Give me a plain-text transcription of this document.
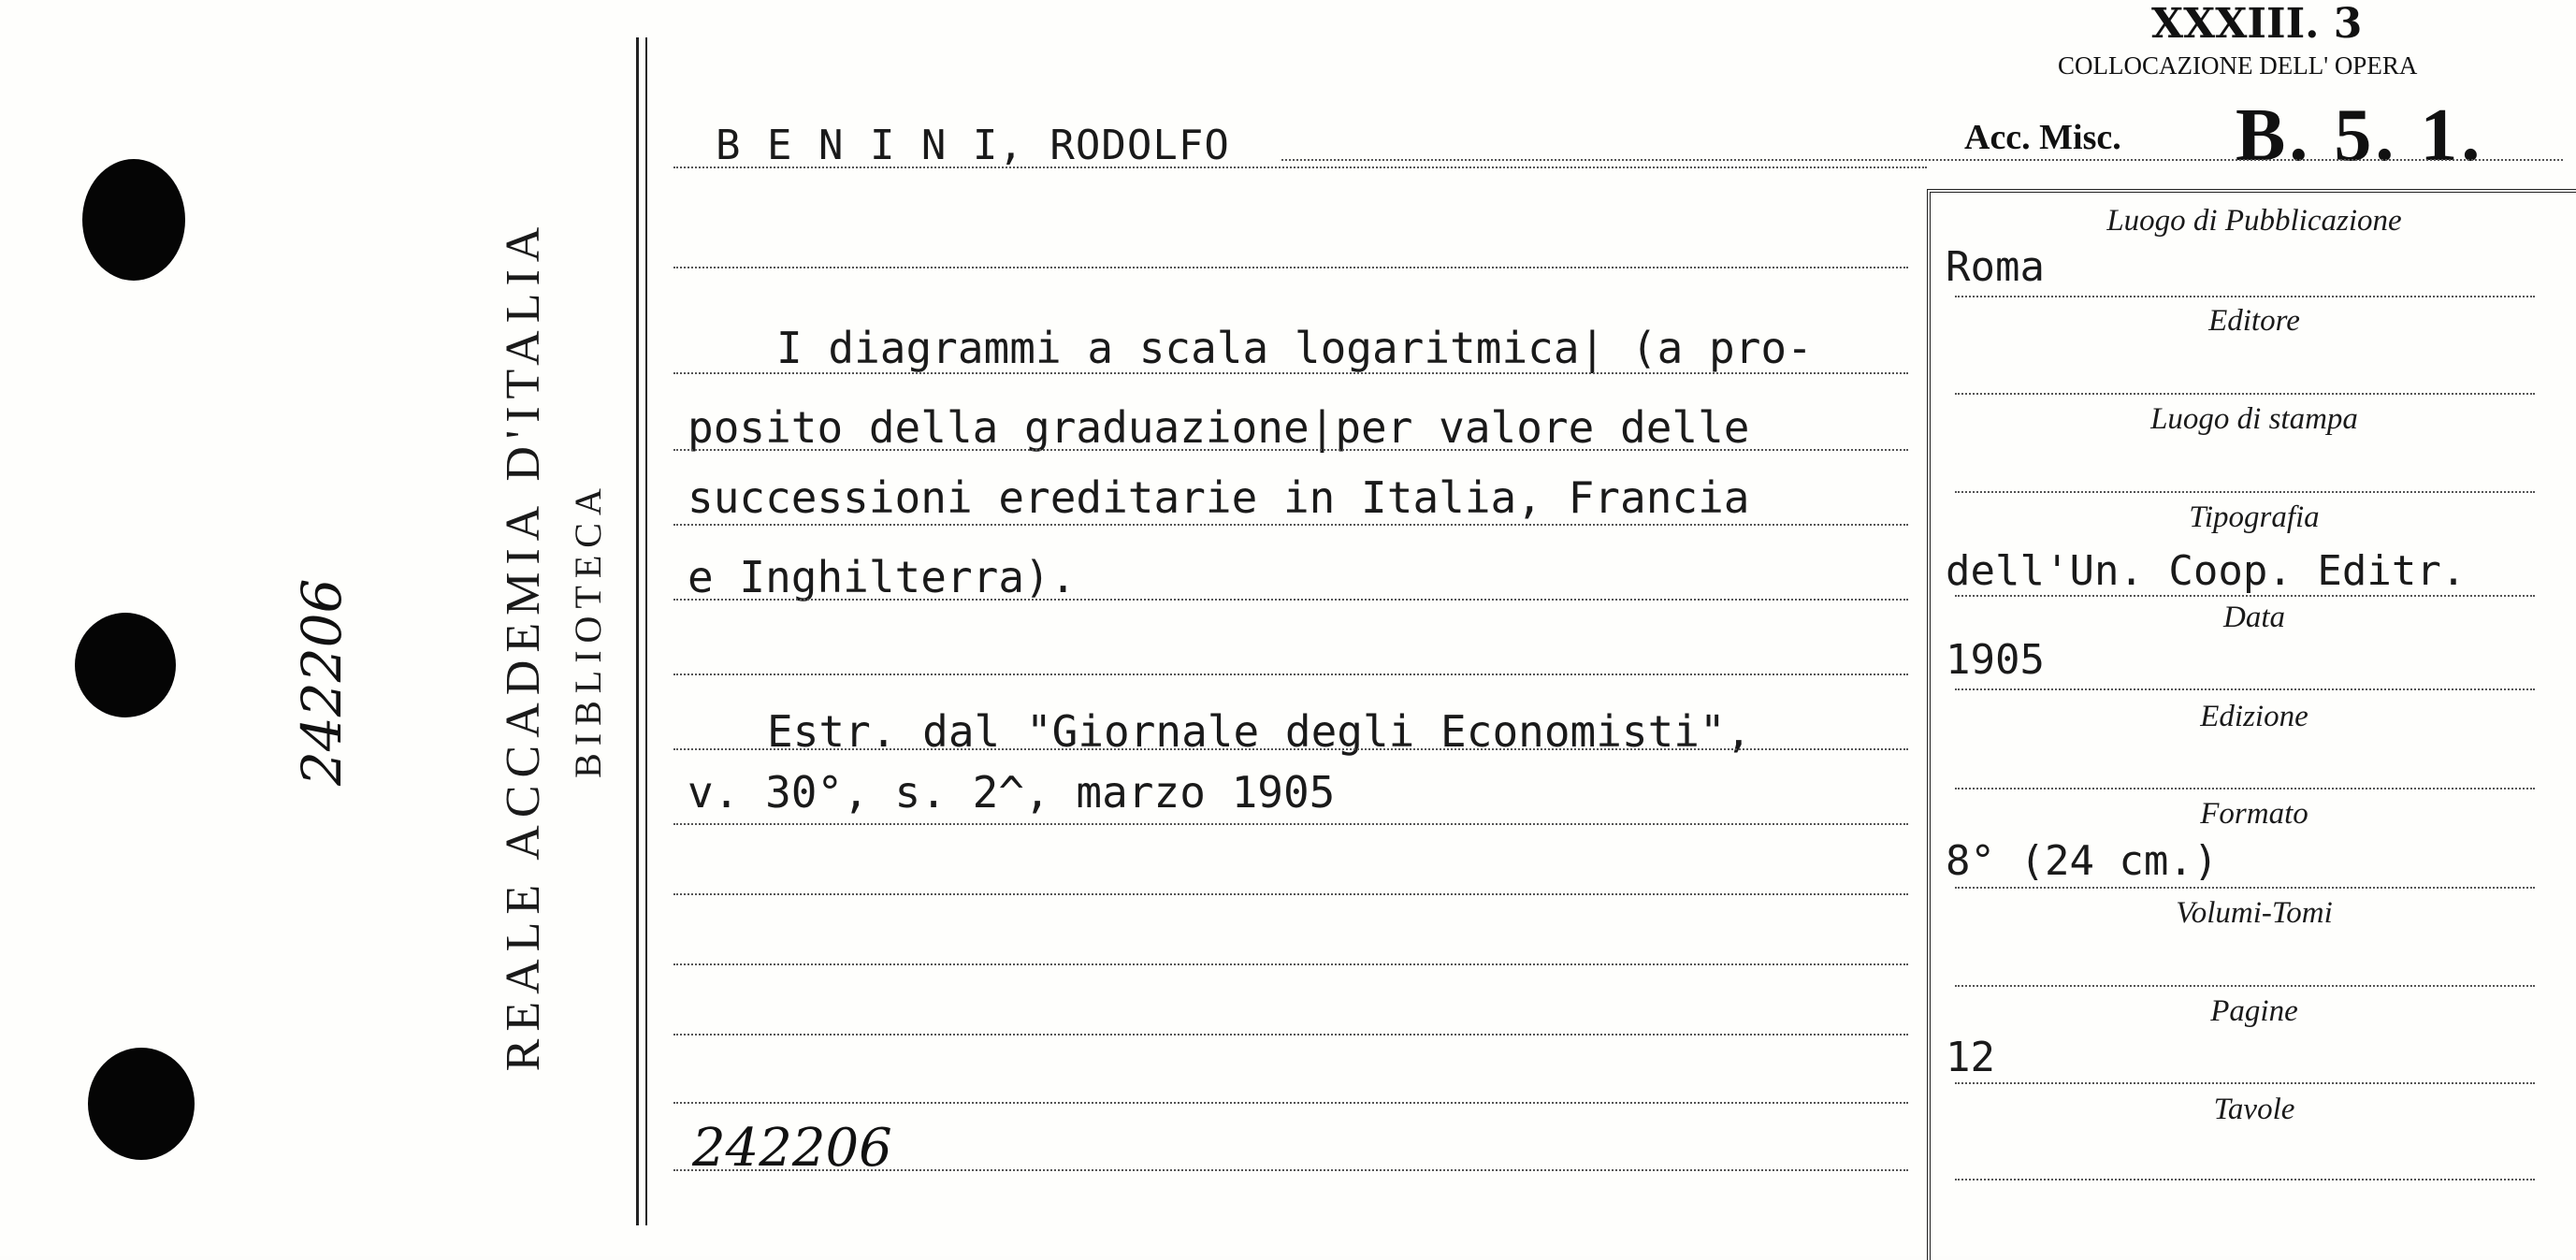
242206	REALE ACCADEMIA D'ITALIA BIBLIOTECA
XXXIII. 3
COLLOCAZIONE DELL' OPERA
Acc. Misc. B. 5. 1.
B E N I N I, RODOLFO
I diagrammi a scala logaritmica| (a pro-
posito della graduazione|per valore delle
successioni ereditarie in Italia, Francia
e Inghilterra).
Estr. dal "Giornale degli Economisti",
v. 30°, s. 2^, marzo 1905
242206
Luogo di Pubblicazione
Roma
Editore
Luogo di stampa
Tipografia
dell'Un. Coop. Editr.
Data
1905
Edizione
Formato
8° (24 cm.)
Volumi-Tomi
Pagine
12
Tavole
